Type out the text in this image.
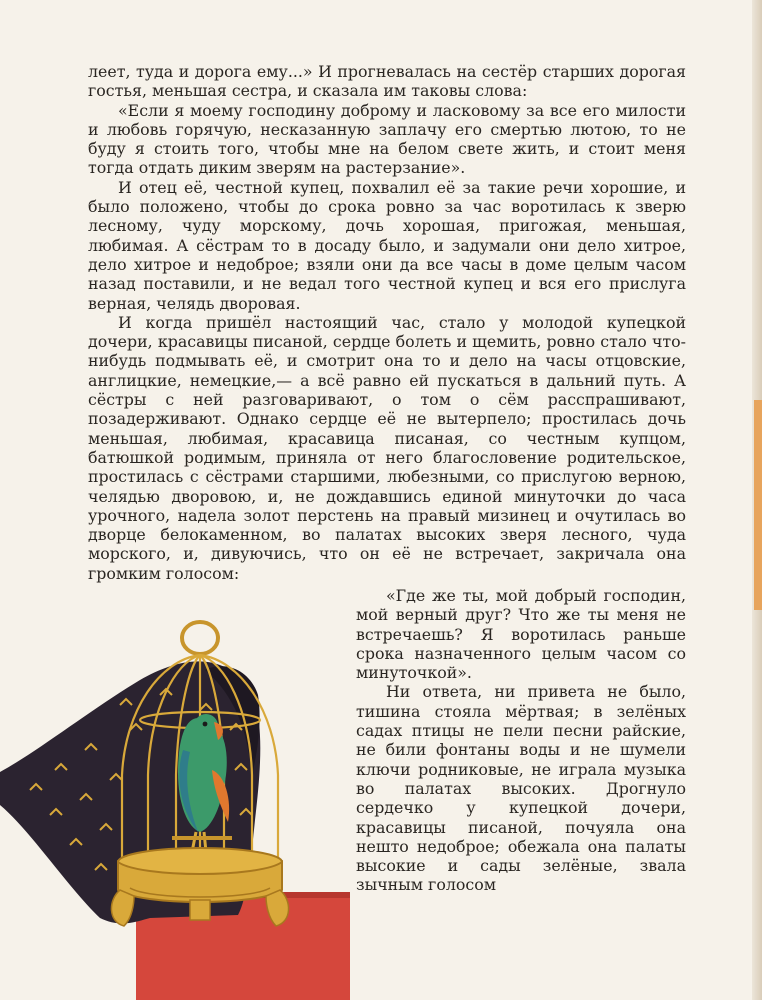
леет, туда и дорога ему...» И прогневалась на сестёр старших дорогая гостья, меньшая сестра, и сказала им таковы слова:

«Если я моему господину доброму и ласковому за все его милости и любовь горячую, несказанную заплачу его смертью лютою, то не буду я стоить того, чтобы мне на белом свете жить, и стоит меня тогда отдать диким зверям на растерзание».

И отец её, честной купец, похвалил её за такие речи хорошие, и было положено, чтобы до срока ровно за час воротилась к зверю лесному, чуду морскому, дочь хорошая, пригожая, меньшая, любимая. А сёстрам то в досаду было, и задумали они дело хитрое, дело хитрое и недоброе; взяли они да все часы в доме целым часом назад поставили, и не ведал того честной купец и вся его прислуга верная, челядь дворовая.

И когда пришёл настоящий час, стало у молодой купецкой дочери, красавицы писаной, сердце болеть и щемить, ровно стало что-нибудь подмывать её, и смотрит она то и дело на часы отцовские, англицкие, немецкие,— а всё равно ей пускаться в дальний путь. А сёстры с ней разговаривают, о том о сём расспрашивают, позадерживают. Однако сердце её не вытерпело; простилась дочь меньшая, любимая, красавица писаная, со честным купцом, батюшкой родимым, приняла от него благословение родительское, простилась с сёстрами старшими, любезными, со прислугою верною, челядью дворовою, и, не дождавшись единой минуточки до часа урочного, надела золот перстень на правый мизинец и очутилась во дворце белокаменном, во палатах высоких зверя лесного, чуда морского, и, дивуючись, что он её не встречает, закричала она громким голосом:

«Где же ты, мой добрый господин, мой верный друг? Что же ты меня не встречаешь? Я воротилась раньше срока назначенного целым часом со минуточкой».

Ни ответа, ни привета не было, тишина стояла мёртвая; в зелёных садах птицы не пели песни райские, не били фонтаны воды и не шумели ключи родниковые, не играла музыка во палатах высоких. Дрогнуло сердечко у купецкой дочери, красавицы писаной, почуяла она нешто недоброе; обежала она палаты высокие и сады зелёные, звала зычным голосом
